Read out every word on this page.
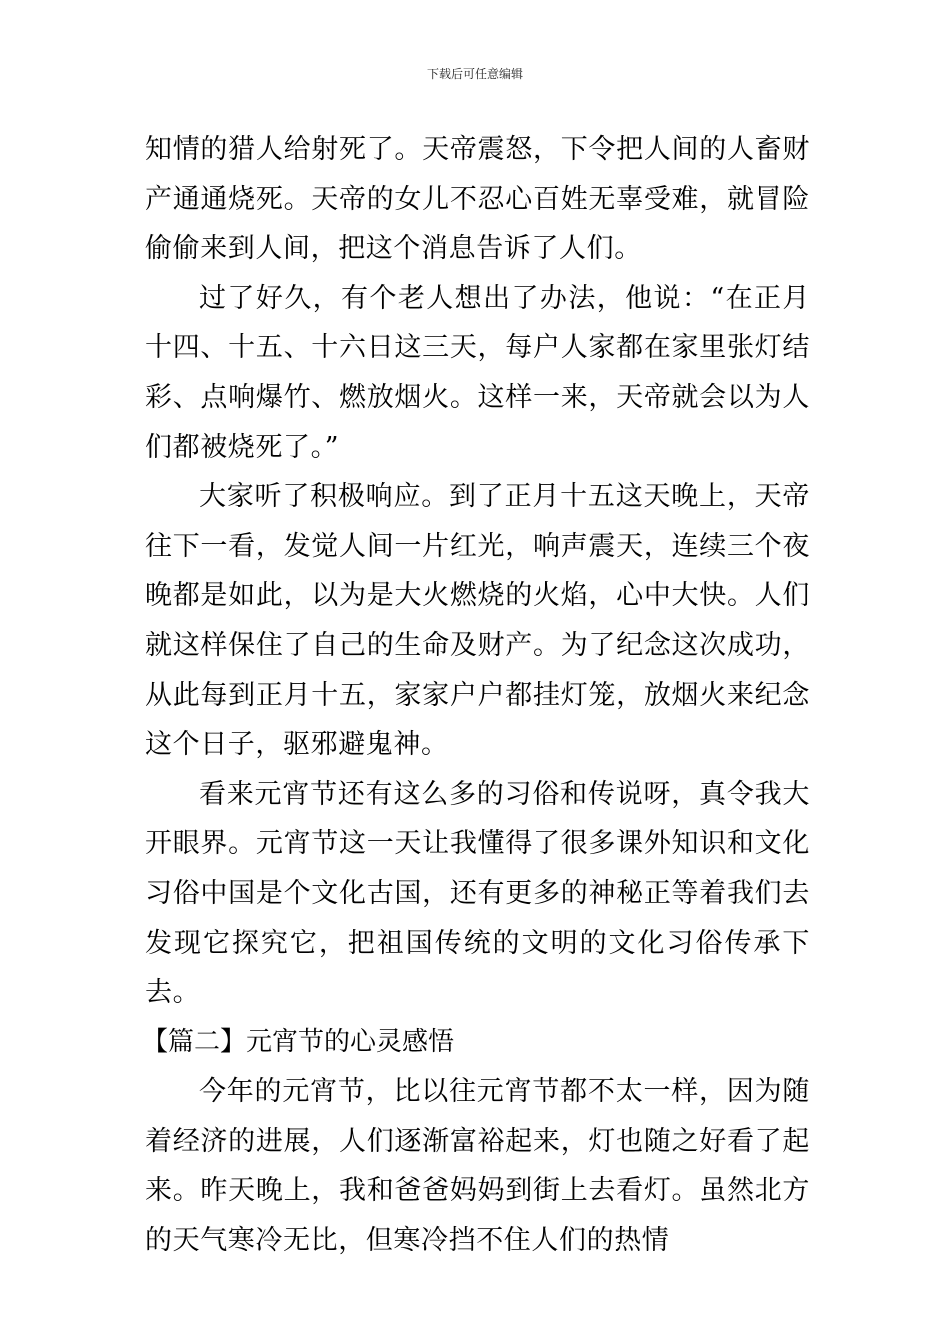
下载后可任意编辑

知情的猎人给射死了。天帝震怒，下令把人间的人畜财产通通烧死。天帝的女儿不忍心百姓无辜受难，就冒险偷偷来到人间，把这个消息告诉了人们。

过了好久，有个老人想出了办法，他说：“在正月十四、十五、十六日这三天，每户人家都在家里张灯结彩、点响爆竹、燃放烟火。这样一来，天帝就会以为人们都被烧死了。”

大家听了积极响应。到了正月十五这天晚上，天帝往下一看，发觉人间一片红光，响声震天，连续三个夜晚都是如此，以为是大火燃烧的火焰，心中大快。人们就这样保住了自己的生命及财产。为了纪念这次成功，从此每到正月十五，家家户户都挂灯笼，放烟火来纪念这个日子，驱邪避鬼神。

看来元宵节还有这么多的习俗和传说呀，真令我大开眼界。元宵节这一天让我懂得了很多课外知识和文化习俗中国是个文化古国，还有更多的神秘正等着我们去发现它探究它，把祖国传统的文明的文化习俗传承下去。

【篇二】元宵节的心灵感悟

今年的元宵节，比以往元宵节都不太一样，因为随着经济的进展，人们逐渐富裕起来，灯也随之好看了起来。昨天晚上，我和爸爸妈妈到街上去看灯。虽然北方的天气寒冷无比，但寒冷挡不住人们的热情
